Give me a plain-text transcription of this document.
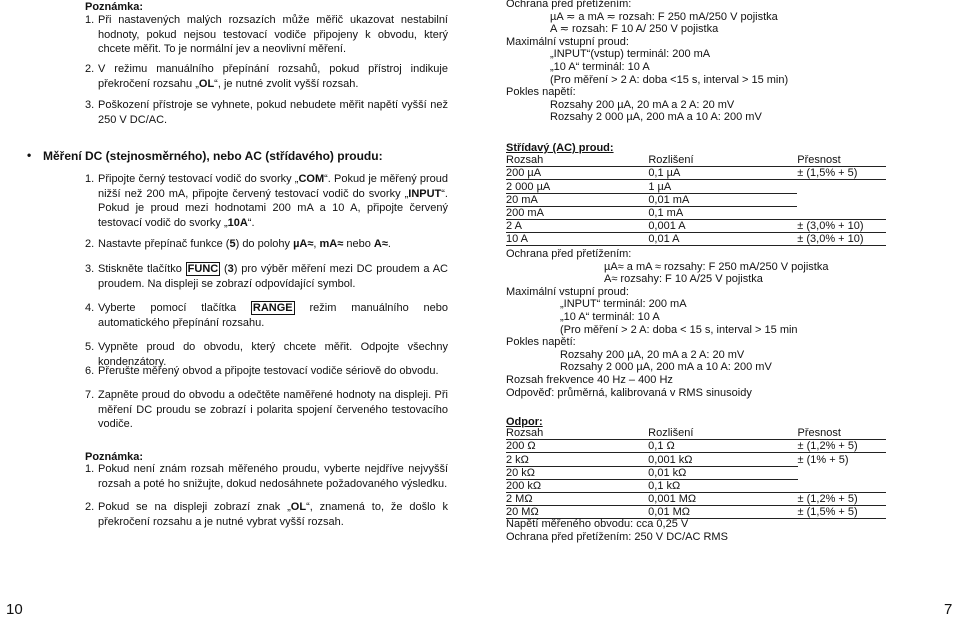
Poznámka:
1. Při nastavených malých rozsazích může měřič ukazovat nestabilní hodnoty, pokud nejsou testovací vodiče připojeny k obvodu, který chcete měřit. To je normální jev a neovlivní měření.
2. V režimu manuálního přepínání rozsahů, pokud přístroj indikuje překročení rozsahu „OL“, je nutné zvolit vyšší rozsah.
3. Poškození přístroje se vyhnete, pokud nebudete měřit napětí vyšší než 250 V DC/AC.
• Měření DC (stejnosměrného), nebo AC (střídavého) proudu:
1. Připojte černý testovací vodič do svorky „COM“. Pokud je měřený proud nižší než 200 mA, připojte červený testovací vodič do svorky „INPUT“. Pokud je proud mezi hodnotami 200 mA a 10 A, připojte červený testovací vodič do svorky „10A“.
2. Nastavte přepínač funkce (5) do polohy µA≈, mA≈ nebo A≈.
3. Stiskněte tlačítko FUNC (3) pro výběr měření mezi DC proudem a AC proudem. Na displeji se zobrazí odpovídající symbol.
4. Vyberte pomocí tlačítka RANGE režim manuálního nebo automatického přepínání rozsahu.
5. Vypněte proud do obvodu, který chcete měřit. Odpojte všechny kondenzátory.
6. Přerušte měřený obvod a připojte testovací vodiče sériově do obvodu.
7. Zapněte proud do obvodu a odečtěte naměřené hodnoty na displeji. Při měření DC proudu se zobrazí i polarita spojení červeného testovacího vodiče.
Poznámka:
1. Pokud není znám rozsah měřeného proudu, vyberte nejdříve nejvyšší rozsah a poté ho snižujte, dokud nedosáhnete požadovaného výsledku.
2. Pokud se na displeji zobrazí znak „OL“, znamená to, že došlo k překročení rozsahu a je nutné vybrat vyšší rozsah.
10
Ochrana před přetížením:
µA ≂ a mA ≂ rozsah: F 250 mA/250 V pojistka
A ≂ rozsah: F 10 A/ 250 V pojistka
Maximální vstupní proud:
„INPUT“(vstup) terminál: 200 mA
„10 A“ terminál: 10 A
(Pro měření > 2 A: doba <15 s, interval > 15 min)
Pokles napětí:
Rozsahy 200 µA, 20 mA a 2 A: 20 mV
Rozsahy 2 000 µA, 200 mA a 10 A: 200 mV
Střídavý (AC) proud:
Rozsah	Rozlišení	Přesnost
200 µA	0,1 µA	± (1,5% + 5)
2 000 µA	1 µA	
20 mA	0,01 mA	
200 mA	0,1 mA	
2 A	0,001 A	± (3,0% + 10)
10 A	0,01 A	± (3,0% + 10)
Ochrana před přetížením:
µA≈ a mA ≈ rozsahy: F 250 mA/250 V pojistka
A≈ rozsahy: F 10 A/25 V pojistka
Maximální vstupní proud:
„INPUT“ terminál: 200 mA
„10 A“ terminál: 10 A
(Pro měření > 2 A: doba < 15 s, interval > 15 min
Pokles napětí:
Rozsahy 200 µA, 20 mA a 2 A: 20 mV
Rozsahy 2 000 µA, 200 mA a 10 A: 200 mV
Rozsah frekvence 40 Hz – 400 Hz
Odpověď: průměrná, kalibrovaná v RMS sinusoidy
Odpor:
Rozsah	Rozlišení	Přesnost
200 Ω	0,1 Ω	± (1,2% + 5)
2 kΩ	0,001 kΩ	± (1% + 5)
20 kΩ	0,01 kΩ	
200 kΩ	0,1 kΩ	
2 MΩ	0,001 MΩ	± (1,2% + 5)
20 MΩ	0,01 MΩ	± (1,5% + 5)
Napětí měřeného obvodu: cca 0,25 V
Ochrana před přetížením: 250 V DC/AC RMS
7
